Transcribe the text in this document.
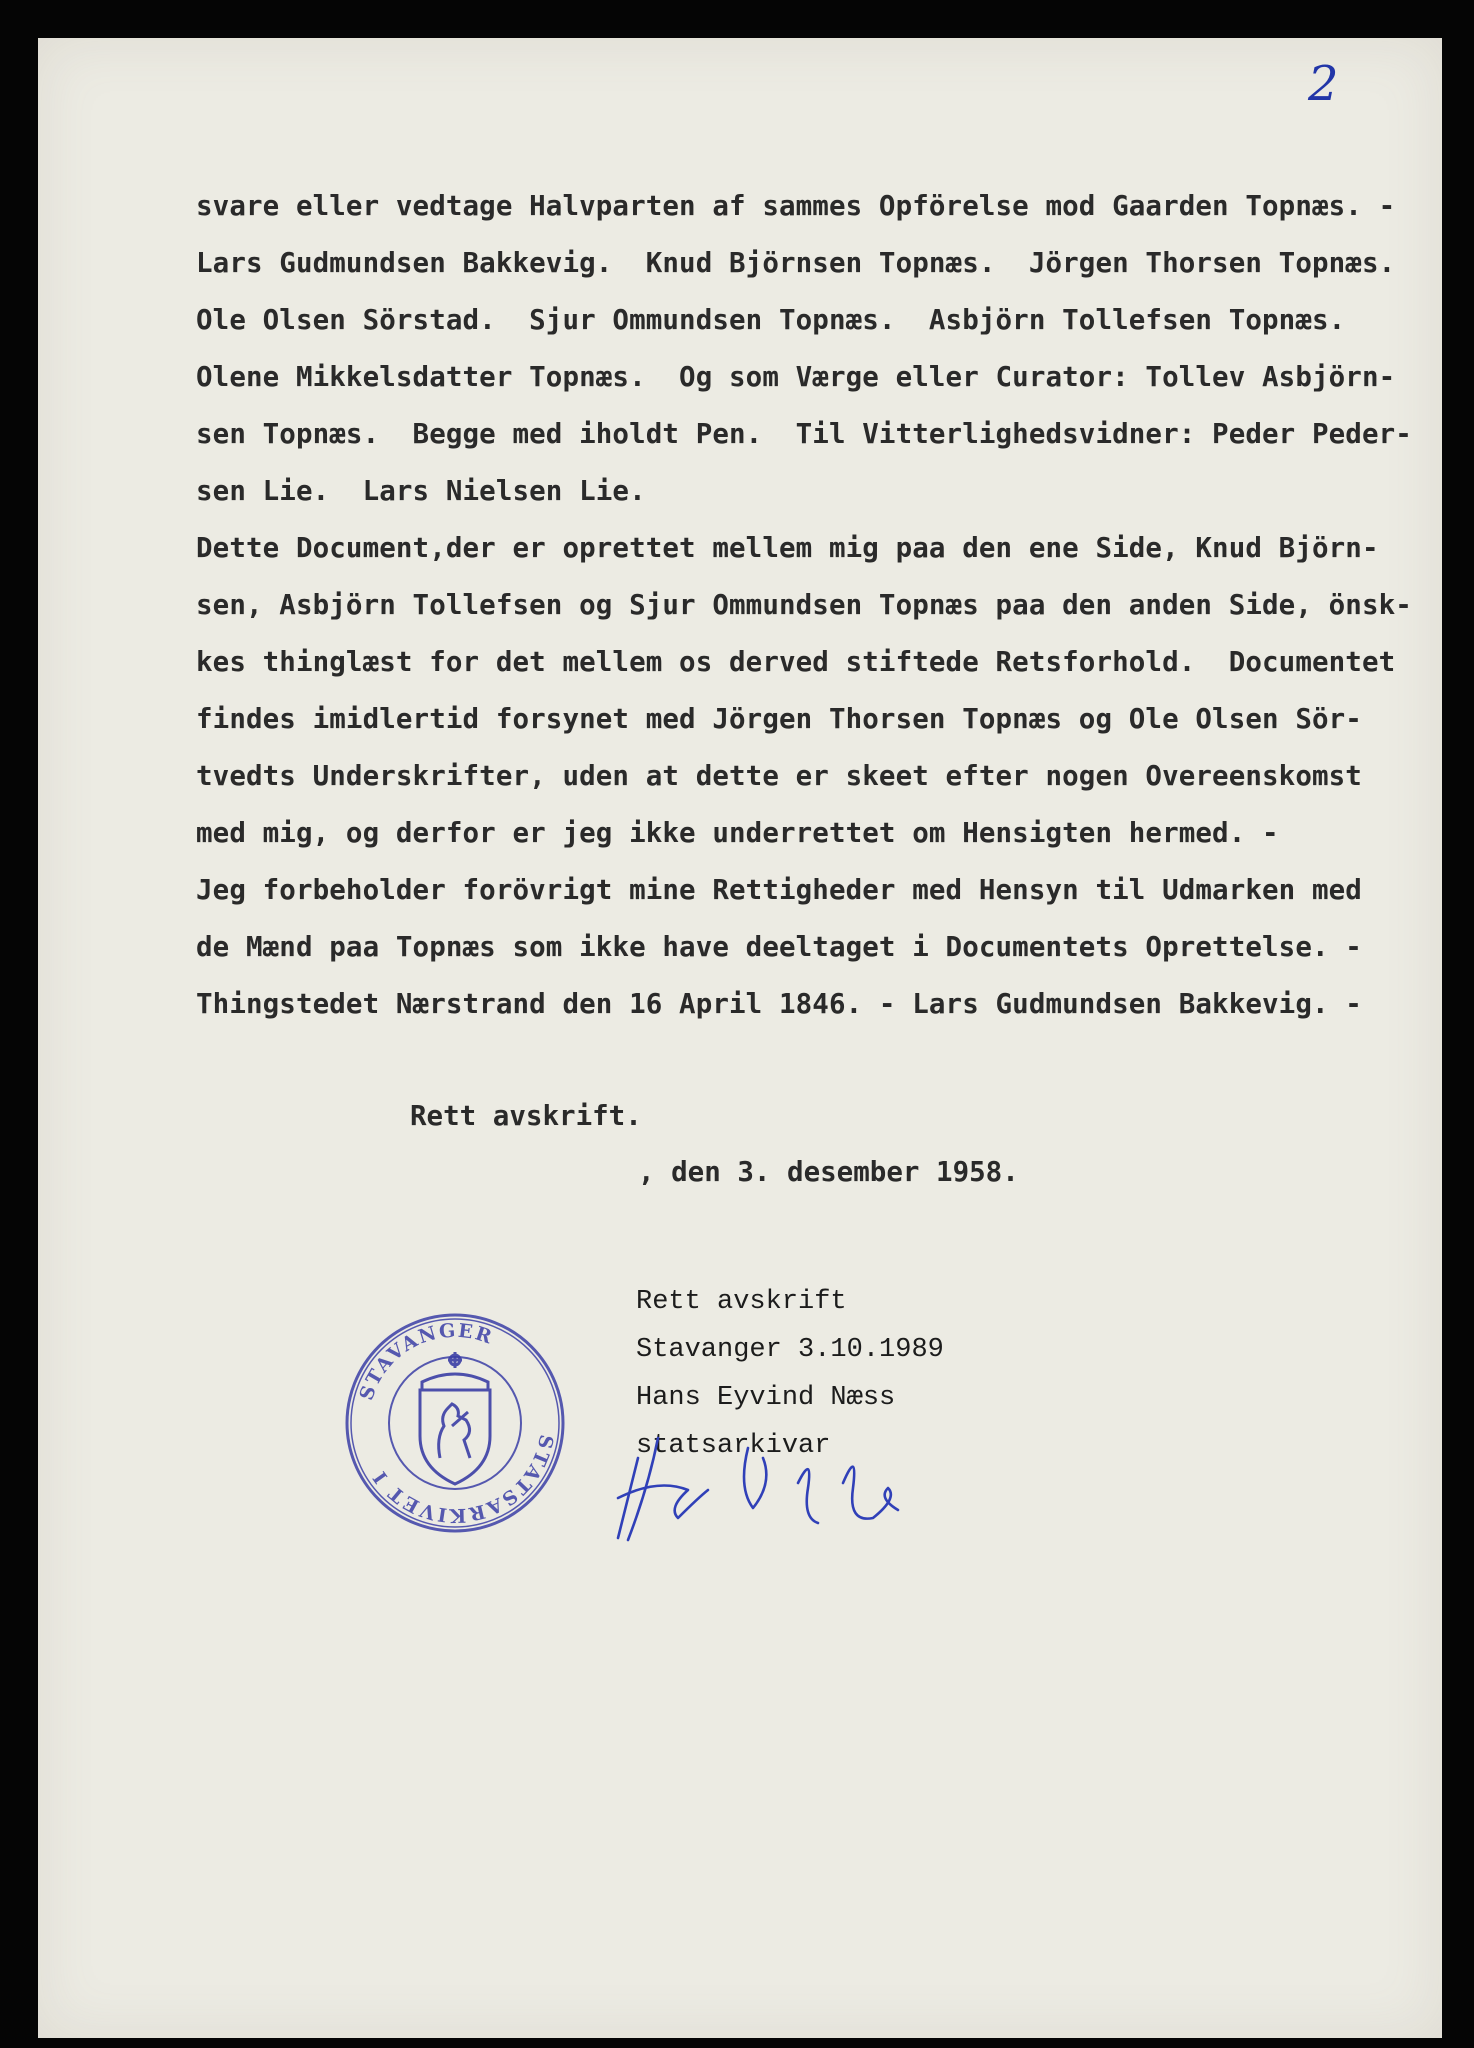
2
svare eller vedtage Halvparten af sammes Opförelse mod Gaarden Topnæs. -
Lars Gudmundsen Bakkevig.  Knud Björnsen Topnæs.  Jörgen Thorsen Topnæs.
Ole Olsen Sörstad.  Sjur Ommundsen Topnæs.  Asbjörn Tollefsen Topnæs.
Olene Mikkelsdatter Topnæs.  Og som Værge eller Curator: Tollev Asbjörn-
sen Topnæs.  Begge med iholdt Pen.  Til Vitterlighedsvidner: Peder Peder-
sen Lie.  Lars Nielsen Lie.
Dette Document,der er oprettet mellem mig paa den ene Side, Knud Björn-
sen, Asbjörn Tollefsen og Sjur Ommundsen Topnæs paa den anden Side, önsk-
kes thinglæst for det mellem os derved stiftede Retsforhold.  Documentet
findes imidlertid forsynet med Jörgen Thorsen Topnæs og Ole Olsen Sör-
tvedts Underskrifter, uden at dette er skeet efter nogen Overeenskomst
med mig, og derfor er jeg ikke underrettet om Hensigten hermed. -
Jeg forbeholder forövrigt mine Rettigheder med Hensyn til Udmarken med
de Mænd paa Topnæs som ikke have deeltaget i Documentets Oprettelse. -
Thingstedet Nærstrand den 16 April 1846. - Lars Gudmundsen Bakkevig. -
Rett avskrift.
, den 3. desember 1958.
STAVANGER
STATSARKIVET I
Rett avskrift
Stavanger 3.10.1989
Hans Eyvind Næss
statsarkivar
